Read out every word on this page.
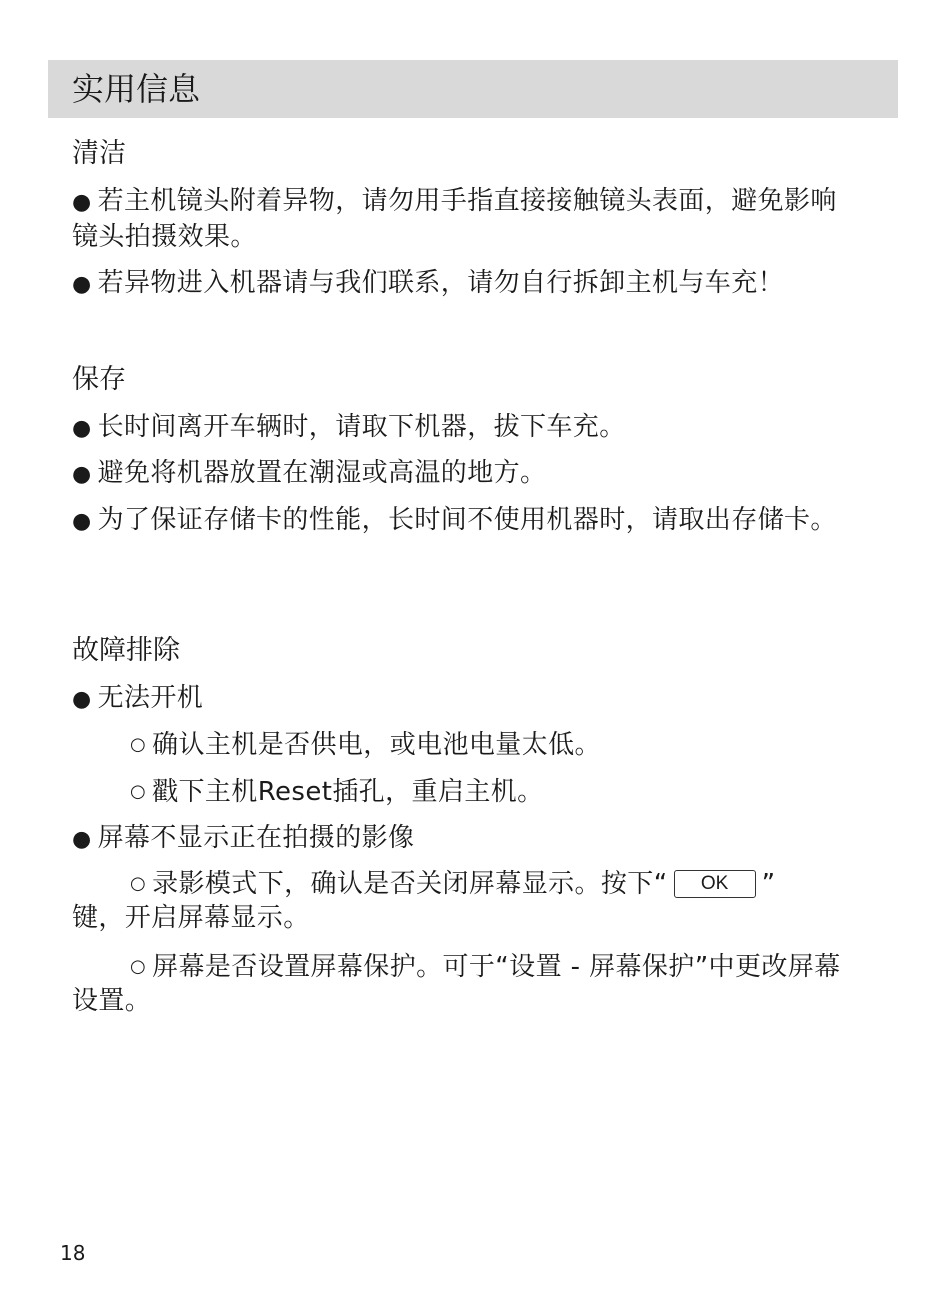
实用信息
清洁
● 若主机镜头附着异物，请勿用手指直接接触镜头表面，避免影响镜头拍摄效果。
● 若异物进入机器请与我们联系，请勿自行拆卸主机与车充！
保存
● 长时间离开车辆时，请取下机器，拔下车充。
● 避免将机器放置在潮湿或高温的地方。
● 为了保证存储卡的性能，长时间不使用机器时，请取出存储卡。
故障排除
● 无法开机
○ 确认主机是否供电，或电池电量太低。
○ 戳下主机Reset插孔，重启主机。
● 屏幕不显示正在拍摄的影像
○ 录影模式下，确认是否关闭屏幕显示。按下“ OK ”
键，开启屏幕显示。
○ 屏幕是否设置屏幕保护。可于“设置 - 屏幕保护”中更改屏幕设置。
18
